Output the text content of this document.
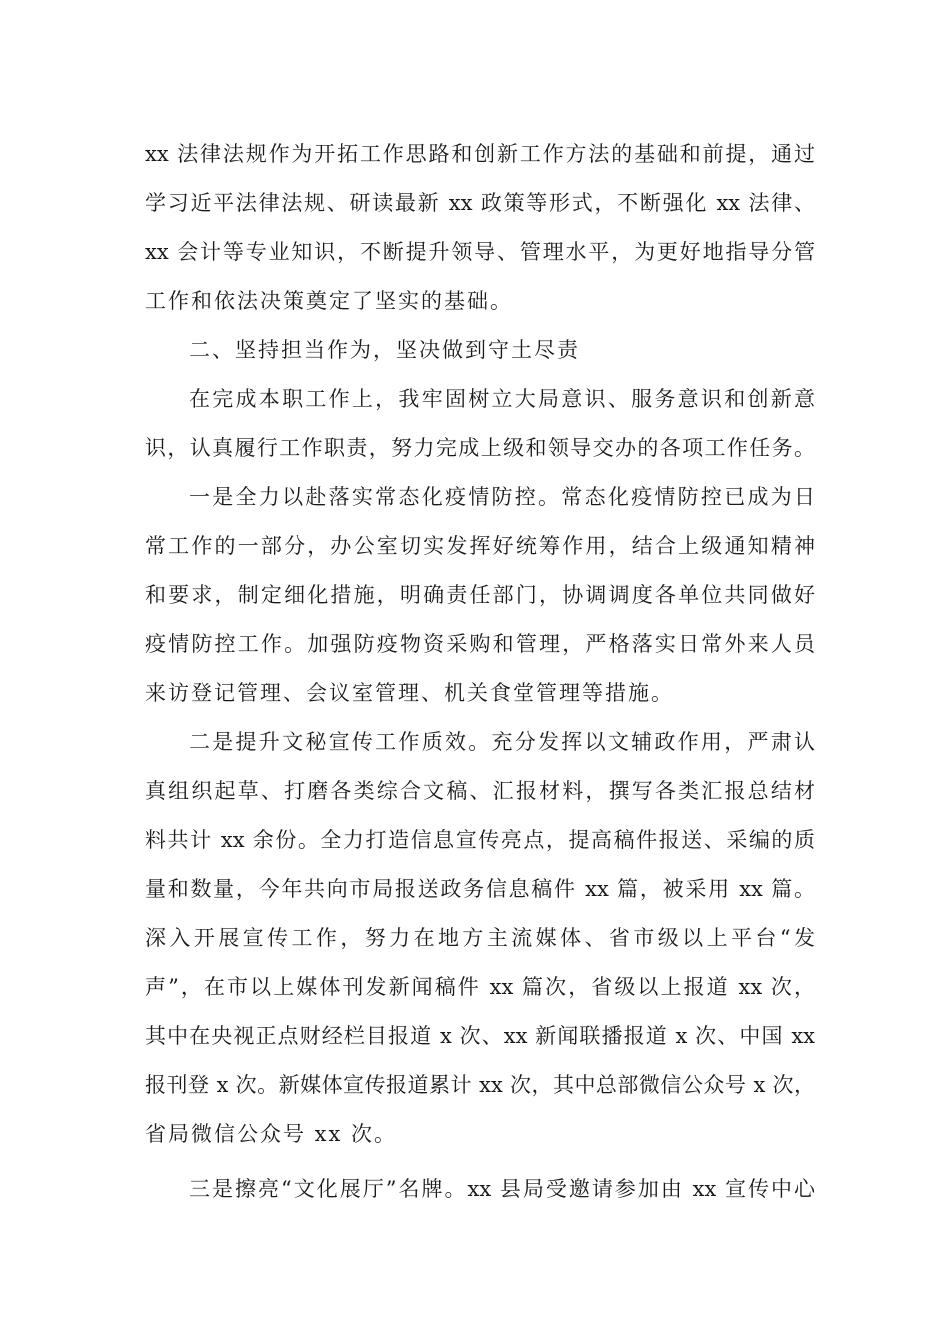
xx 法律法规作为开拓工作思路和创新工作方法的基础和前提，通过
学习近平法律法规、研读最新 xx 政策等形式，不断强化 xx 法律、
xx 会计等专业知识，不断提升领导、管理水平，为更好地指导分管
工作和依法决策奠定了坚实的基础。
二、坚持担当作为，坚决做到守土尽责
在完成本职工作上，我牢固树立大局意识、服务意识和创新意
识，认真履行工作职责，努力完成上级和领导交办的各项工作任务。
一是全力以赴落实常态化疫情防控。常态化疫情防控已成为日
常工作的一部分，办公室切实发挥好统筹作用，结合上级通知精神
和要求，制定细化措施，明确责任部门，协调调度各单位共同做好
疫情防控工作。加强防疫物资采购和管理，严格落实日常外来人员
来访登记管理、会议室管理、机关食堂管理等措施。
二是提升文秘宣传工作质效。充分发挥以文辅政作用，严肃认
真组织起草、打磨各类综合文稿、汇报材料，撰写各类汇报总结材
料共计 xx 余份。全力打造信息宣传亮点，提高稿件报送、采编的质
量和数量，今年共向市局报送政务信息稿件 xx 篇，被采用 xx 篇。
深入开展宣传工作，努力在地方主流媒体、省市级以上平台“发
声”，在市以上媒体刊发新闻稿件 xx 篇次，省级以上报道 xx 次，
其中在央视正点财经栏目报道 x 次、xx 新闻联播报道 x 次、中国 xx
报刊登 x 次。新媒体宣传报道累计 xx 次，其中总部微信公众号 x 次，
省局微信公众号 xx 次。
三是擦亮“文化展厅”名牌。xx 县局受邀请参加由 xx 宣传中心
